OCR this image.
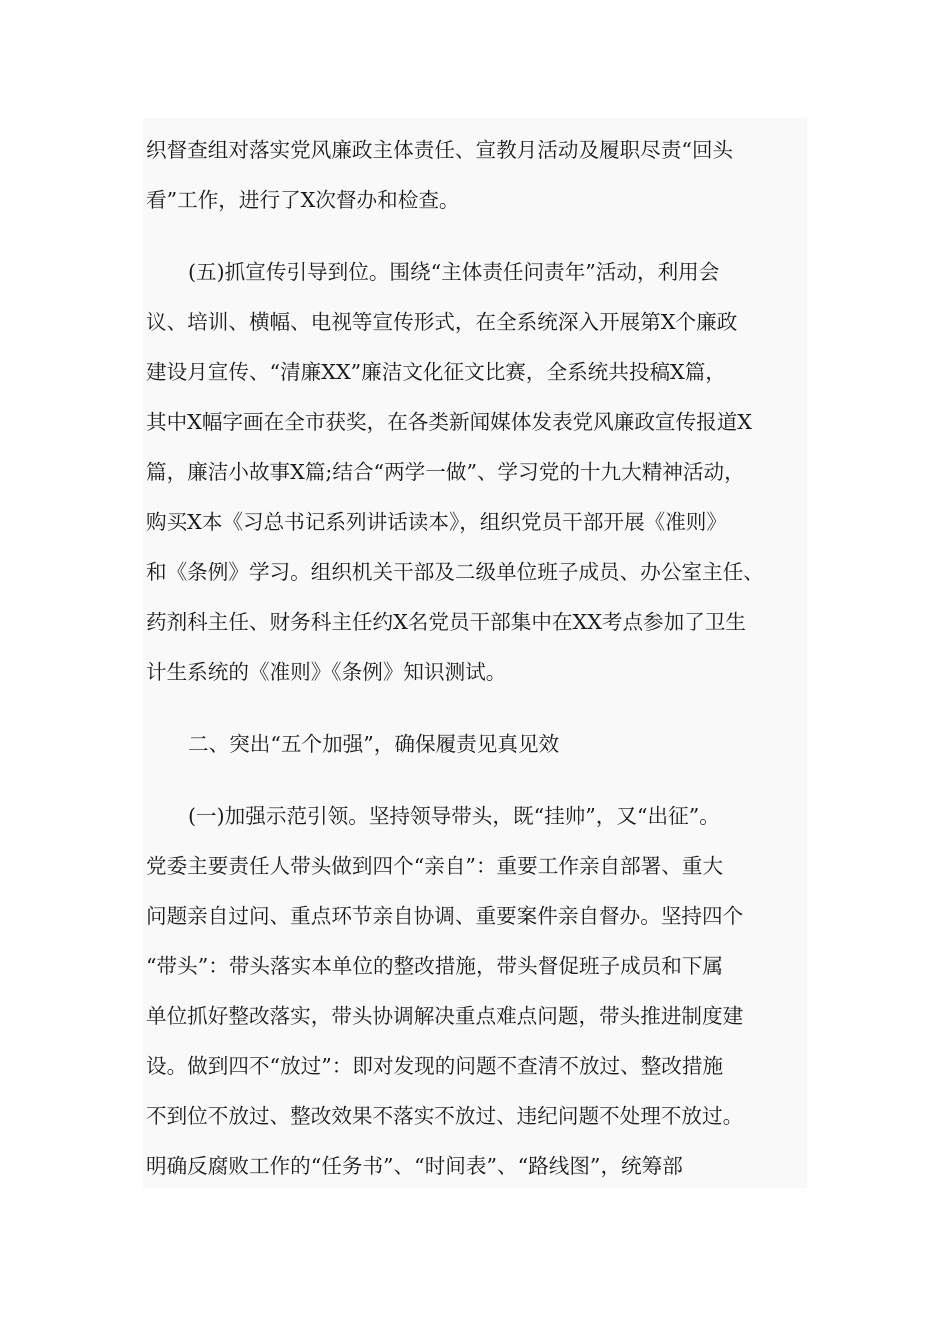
织督查组对落实党风廉政主体责任、宣教月活动及履职尽责“回头
看”工作，进行了X次督办和检查。
(五)抓宣传引导到位。围绕“主体责任问责年”活动，利用会
议、培训、横幅、电视等宣传形式，在全系统深入开展第X个廉政
建设月宣传、“清廉XX”廉洁文化征文比赛，全系统共投稿X篇，
其中X幅字画在全市获奖，在各类新闻媒体发表党风廉政宣传报道X
篇，廉洁小故事X篇;结合“两学一做”、学习党的十九大精神活动，
购买X本《习总书记系列讲话读本》，组织党员干部开展《准则》
和《条例》学习。组织机关干部及二级单位班子成员、办公室主任、
药剂科主任、财务科主任约X名党员干部集中在XX考点参加了卫生
计生系统的《准则》《条例》知识测试。
二、突出“五个加强”，确保履责见真见效
(一)加强示范引领。坚持领导带头，既“挂帅”，又“出征”。
党委主要责任人带头做到四个“亲自”：重要工作亲自部署、重大
问题亲自过问、重点环节亲自协调、重要案件亲自督办。坚持四个
“带头”：带头落实本单位的整改措施，带头督促班子成员和下属
单位抓好整改落实，带头协调解决重点难点问题，带头推进制度建
设。做到四不“放过”：即对发现的问题不查清不放过、整改措施
不到位不放过、整改效果不落实不放过、违纪问题不处理不放过。
明确反腐败工作的“任务书”、“时间表”、“路线图”，统筹部
